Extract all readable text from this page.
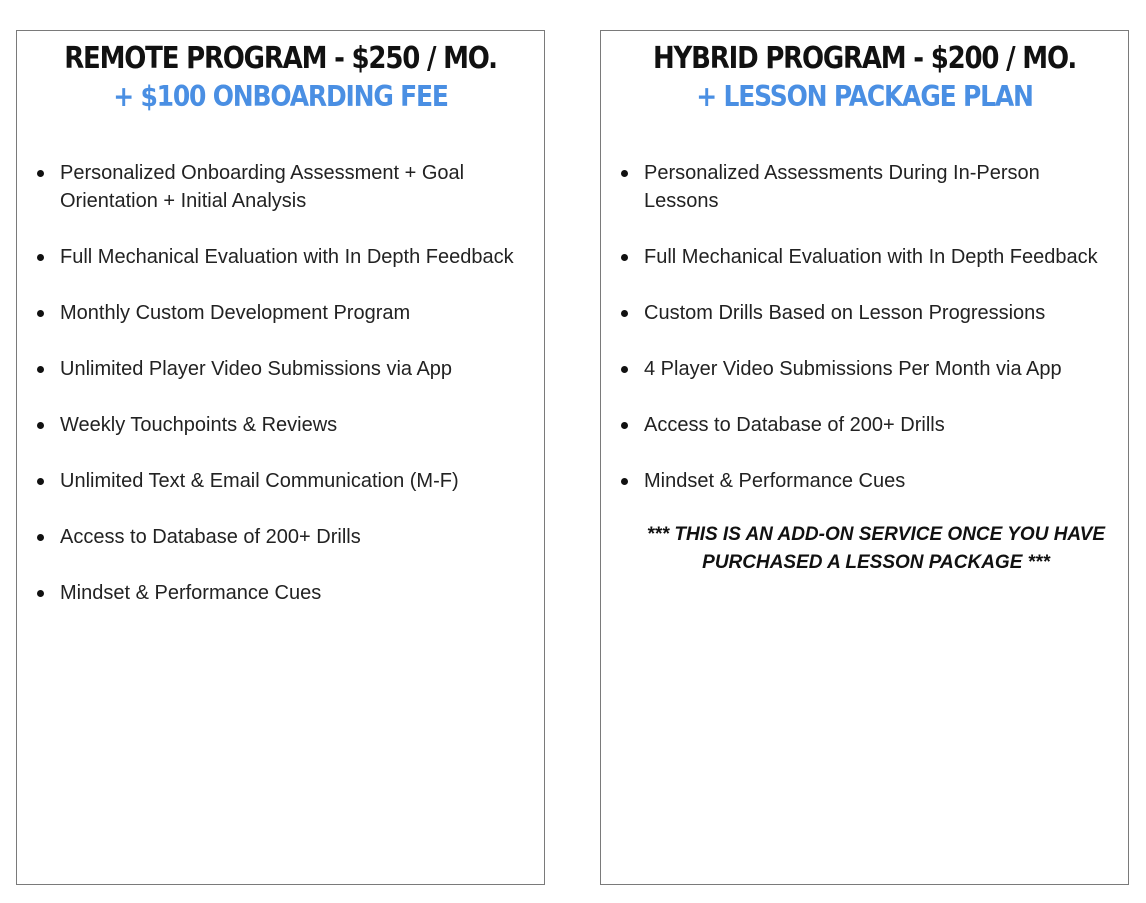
REMOTE PROGRAM - $250 / MO.
+ $100 ONBOARDING FEE
Personalized Onboarding Assessment + Goal Orientation + Initial Analysis
Full Mechanical Evaluation with In Depth Feedback
Monthly Custom Development Program
Unlimited Player Video Submissions via App
Weekly Touchpoints & Reviews
Unlimited Text & Email Communication (M-F)
Access to Database of 200+ Drills
Mindset & Performance Cues
HYBRID PROGRAM - $200 / MO.
+ LESSON PACKAGE PLAN
Personalized Assessments During In-Person Lessons
Full Mechanical Evaluation with In Depth Feedback
Custom Drills Based on Lesson Progressions
4 Player Video Submissions Per Month via App
Access to Database of 200+ Drills
Mindset & Performance Cues
*** THIS IS AN ADD-ON SERVICE ONCE YOU HAVE PURCHASED A LESSON PACKAGE ***
